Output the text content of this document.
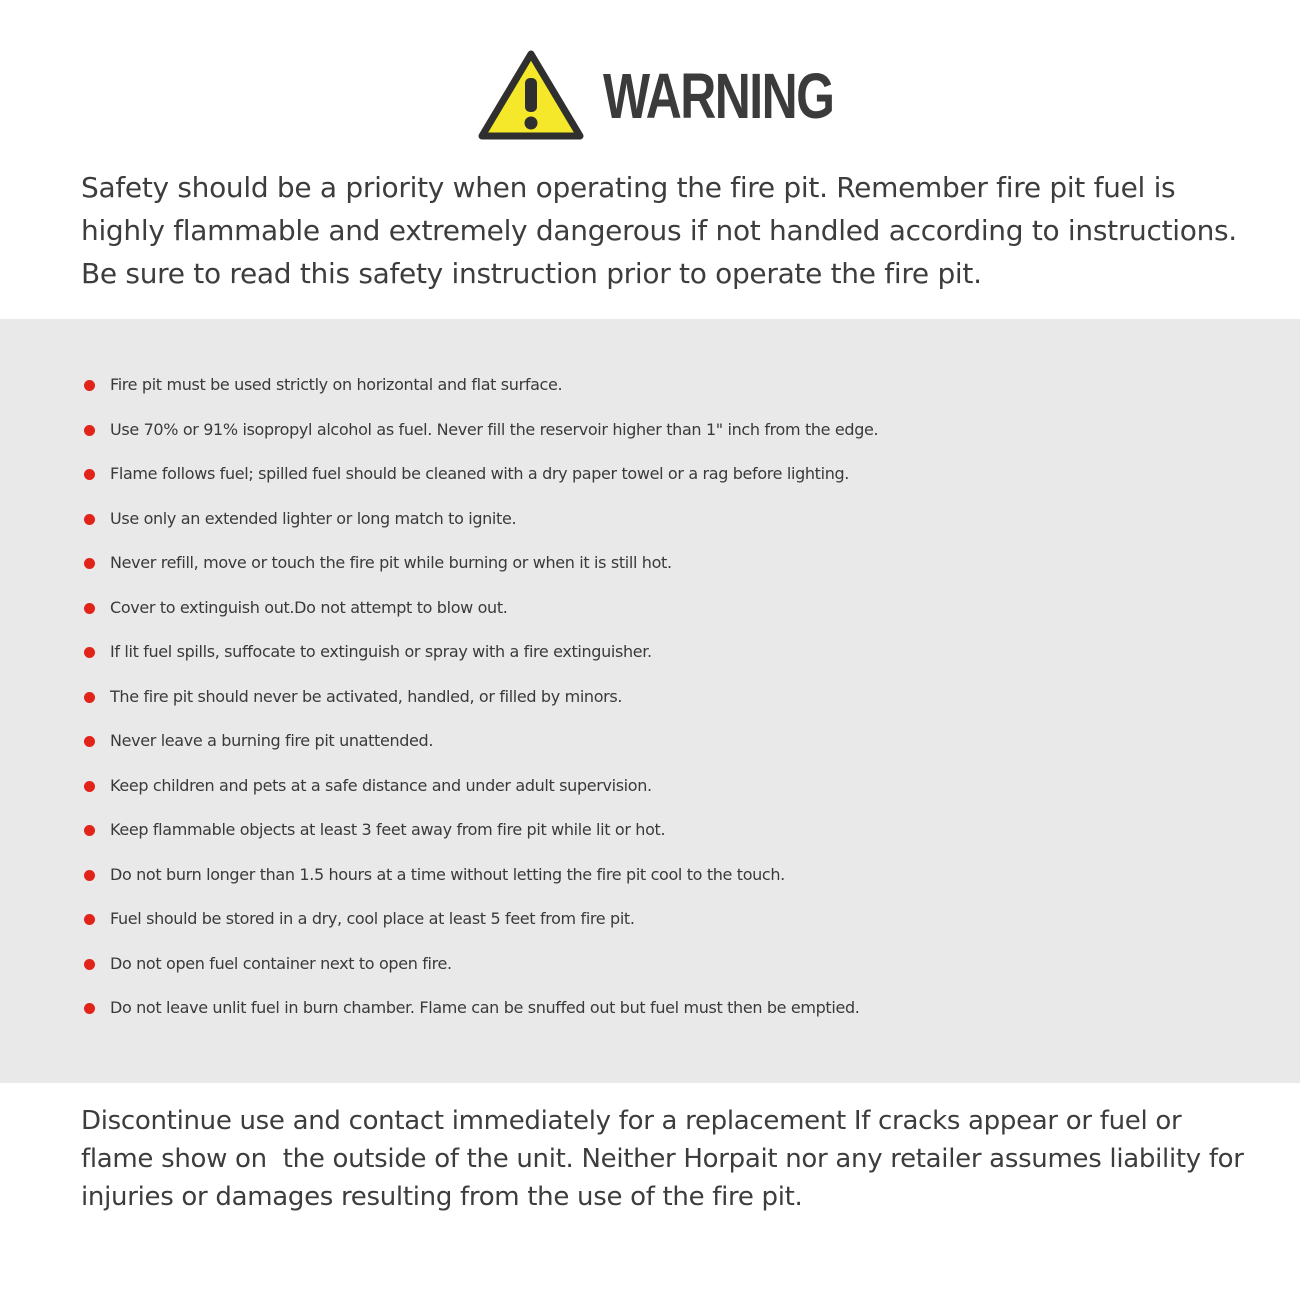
WARNING

Safety should be a priority when operating the fire pit. Remember fire pit fuel is highly flammable and extremely dangerous if not handled according to instructions. Be sure to read this safety instruction prior to operate the fire pit.

Fire pit must be used strictly on horizontal and flat surface.
Use 70% or 91% isopropyl alcohol as fuel. Never fill the reservoir higher than 1" inch from the edge.
Flame follows fuel; spilled fuel should be cleaned with a dry paper towel or a rag before lighting.
Use only an extended lighter or long match to ignite.
Never refill, move or touch the fire pit while burning or when it is still hot.
Cover to extinguish out.Do not attempt to blow out.
If lit fuel spills, suffocate to extinguish or spray with a fire extinguisher.
The fire pit should never be activated, handled, or filled by minors.
Never leave a burning fire pit unattended.
Keep children and pets at a safe distance and under adult supervision.
Keep flammable objects at least 3 feet away from fire pit while lit or hot.
Do not burn longer than 1.5 hours at a time without letting the fire pit cool to the touch.
Fuel should be stored in a dry, cool place at least 5 feet from fire pit.
Do not open fuel container next to open fire.
Do not leave unlit fuel in burn chamber. Flame can be snuffed out but fuel must then be emptied.

Discontinue use and contact immediately for a replacement If cracks appear or fuel or flame show on  the outside of the unit. Neither Horpait nor any retailer assumes liability for injuries or damages resulting from the use of the fire pit.
